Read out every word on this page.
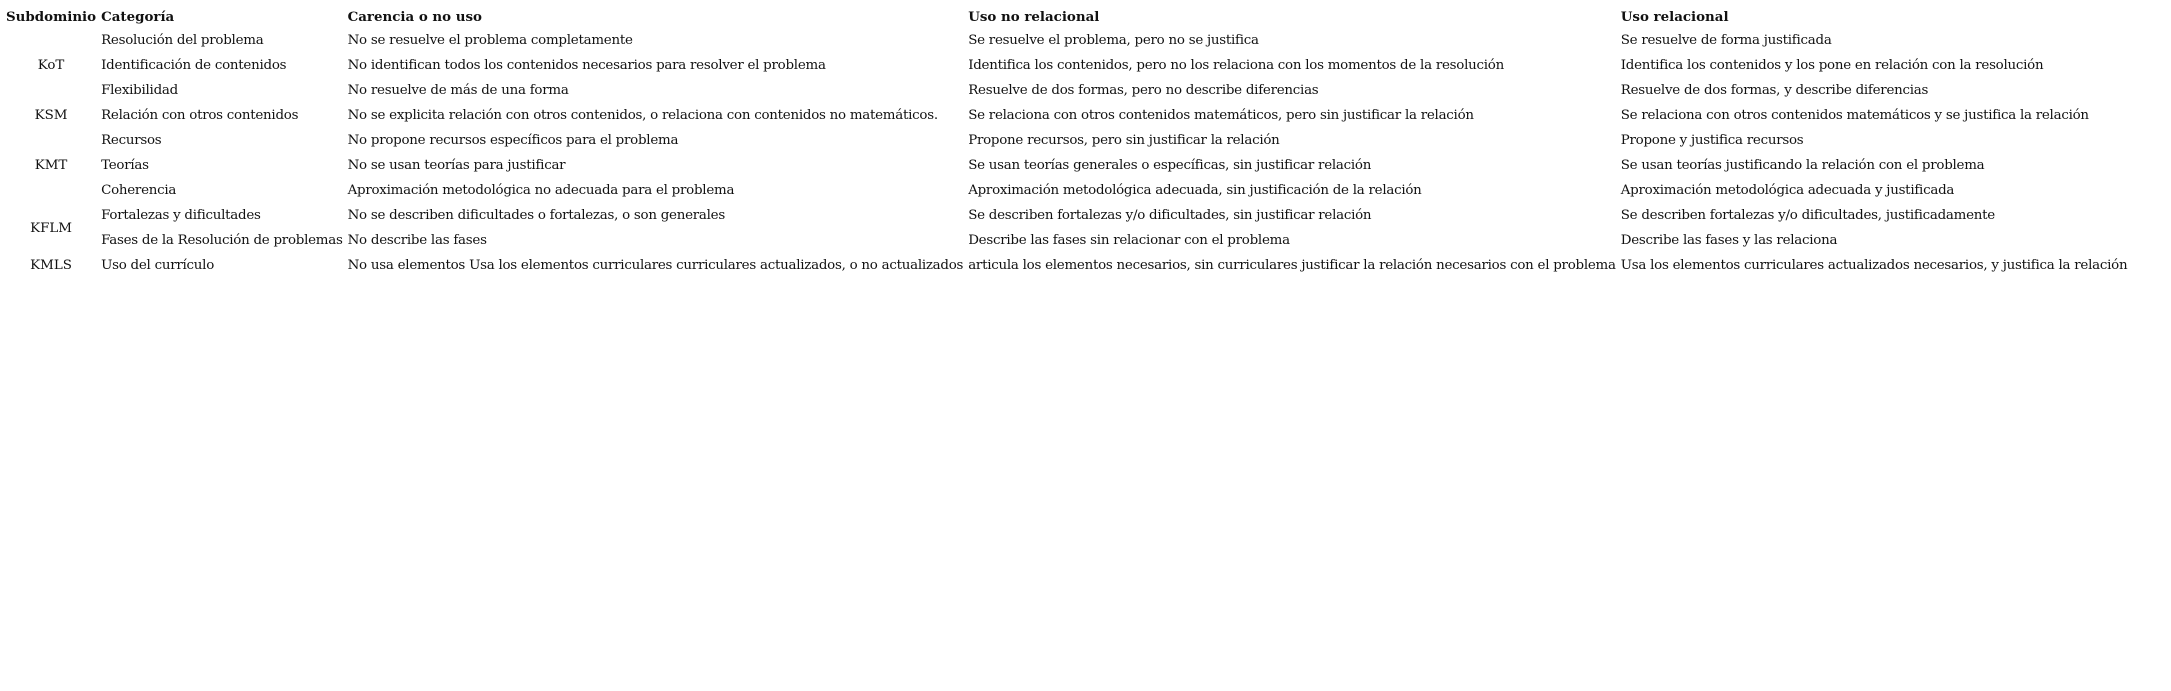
Subdominio	Categoría	Carencia o no uso	Uso no relacional	Uso relacional
KoT	Resolución del problema	No se resuelve el problema completamente	Se resuelve el problema, pero no se justifica	Se resuelve de forma justificada
	Identificación de contenidos	No identifican todos los contenidos necesarios para resolver el problema	Identifica los contenidos, pero no los relaciona con los momentos de la resolución	Identifica los contenidos y los pone en relación con la resolución
	Flexibilidad	No resuelve de más de una forma	Resuelve de dos formas, pero no describe diferencias	Resuelve de dos formas, y describe diferencias
KSM	Relación con otros contenidos	No se explicita relación con otros contenidos, o relaciona con contenidos no matemáticos.	Se relaciona con otros contenidos matemáticos, pero sin justificar la relación	Se relaciona con otros contenidos matemáticos y se justifica la relación
KMT	Recursos	No propone recursos específicos para el problema	Propone recursos, pero sin justificar la relación	Propone y justifica recursos
	Teorías	No se usan teorías para justificar	Se usan teorías generales o específicas, sin justificar relación	Se usan teorías justificando la relación con el problema
	Coherencia	Aproximación metodológica no adecuada para el problema	Aproximación metodológica adecuada, sin justificación de la relación	Aproximación metodológica adecuada y justificada
KFLM	Fortalezas y dificultades	No se describen dificultades o fortalezas, o son generales	Se describen fortalezas y/o dificultades, sin justificar relación	Se describen fortalezas y/o dificultades, justificadamente
	Fases de la Resolución de problemas	No describe las fases	Describe las fases sin relacionar con el problema	Describe las fases y las relaciona
KMLS	Uso del currículo	No usa elementos Usa los elementos curriculares curriculares actualizados, o no actualizados	articula los elementos necesarios, sin curriculares justificar la relación necesarios con el problema	Usa los elementos curriculares actualizados necesarios, y justifica la relación
